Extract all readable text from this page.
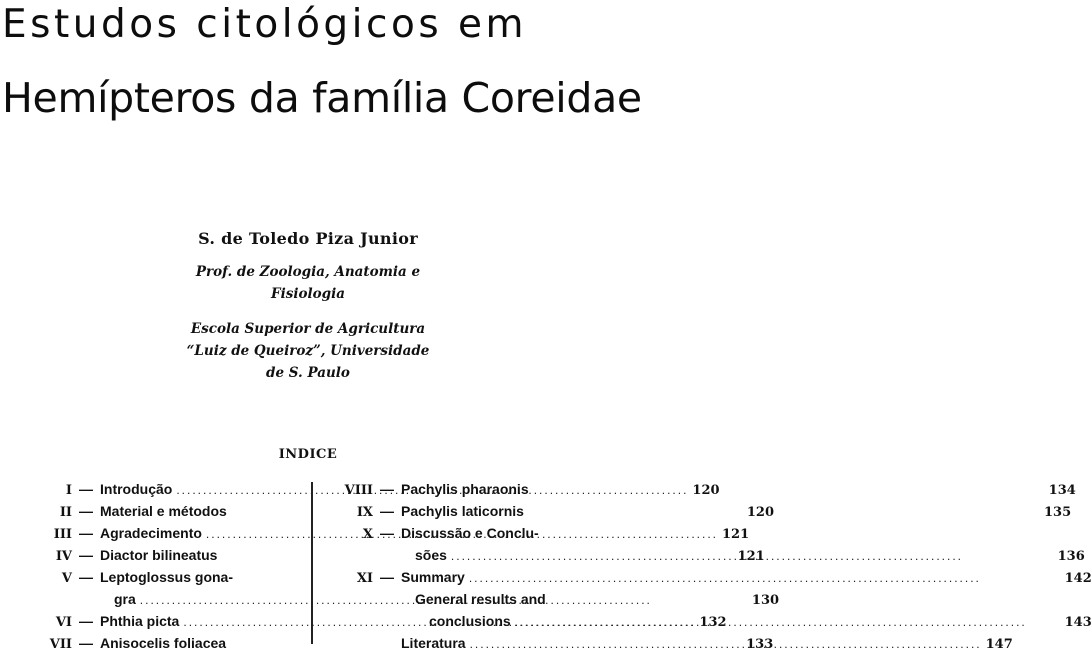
Estudos citológicos em
Hemípteros da família Coreidae
S. de Toledo Piza Junior
Prof. de Zoologia, Anatomia e
Fisiologia
Escola Superior de Agricultura
“Luiz de Queiroz”, Universidade
de S. Paulo
INDICE
I — Introdução .....	120
II — Material e métodos	120
III — Agradecimento .....	121
IV — Diactor bilineatus	121
V — Leptoglossus gona-
gra .....	130
VI — Phthia picta .....	132
VII — Anisocelis foliacea	133
VIII — Pachylis pharaonis	134
IX — Pachylis laticornis	135
X — Discussão e Conclu-
sões .....	136
XI — Summary .....	142
General results and
conclusions .....	143
Literatura .....	147
